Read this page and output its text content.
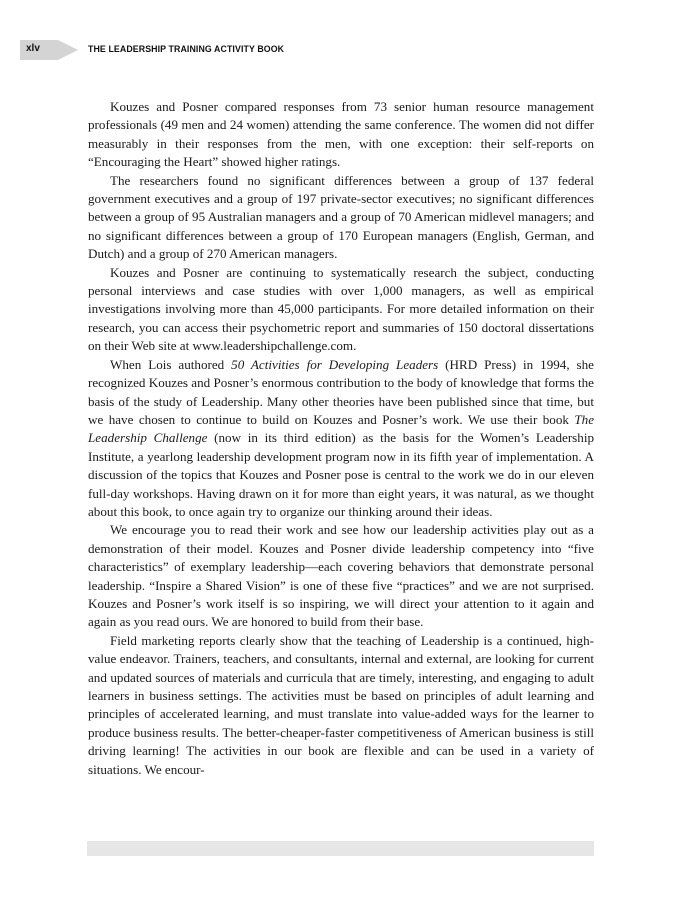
xlv	THE LEADERSHIP TRAINING ACTIVITY BOOK

Kouzes and Posner compared responses from 73 senior human resource management professionals (49 men and 24 women) attending the same conference. The women did not differ measurably in their responses from the men, with one exception: their self-reports on “Encouraging the Heart” showed higher ratings.

The researchers found no significant differences between a group of 137 federal government executives and a group of 197 private-sector executives; no significant differences between a group of 95 Australian managers and a group of 70 American midlevel managers; and no significant differences between a group of 170 European managers (English, German, and Dutch) and a group of 270 American managers.

Kouzes and Posner are continuing to systematically research the subject, conducting personal interviews and case studies with over 1,000 managers, as well as empirical investigations involving more than 45,000 participants. For more detailed information on their research, you can access their psychometric report and summaries of 150 doctoral dissertations on their Web site at www.leadershipchallenge.com.

When Lois authored 50 Activities for Developing Leaders (HRD Press) in 1994, she recognized Kouzes and Posner’s enormous contribution to the body of knowledge that forms the basis of the study of Leadership. Many other theories have been published since that time, but we have chosen to continue to build on Kouzes and Posner’s work. We use their book The Leadership Challenge (now in its third edition) as the basis for the Women’s Leadership Institute, a yearlong leadership development program now in its fifth year of implementation. A discussion of the topics that Kouzes and Posner pose is central to the work we do in our eleven full-day workshops. Having drawn on it for more than eight years, it was natural, as we thought about this book, to once again try to organize our thinking around their ideas.

We encourage you to read their work and see how our leadership activities play out as a demonstration of their model. Kouzes and Posner divide leadership competency into “five characteristics” of exemplary leadership—each covering behaviors that demonstrate personal leadership. “Inspire a Shared Vision” is one of these five “practices” and we are not surprised. Kouzes and Posner’s work itself is so inspiring, we will direct your attention to it again and again as you read ours. We are honored to build from their base.

Field marketing reports clearly show that the teaching of Leadership is a continued, high-value endeavor. Trainers, teachers, and consultants, internal and external, are looking for current and updated sources of materials and curricula that are timely, interesting, and engaging to adult learners in business settings. The activities must be based on principles of adult learning and principles of accelerated learning, and must translate into value-added ways for the learner to produce business results. The better-cheaper-faster competitiveness of American business is still driving learning! The activities in our book are flexible and can be used in a variety of situations. We encour-
